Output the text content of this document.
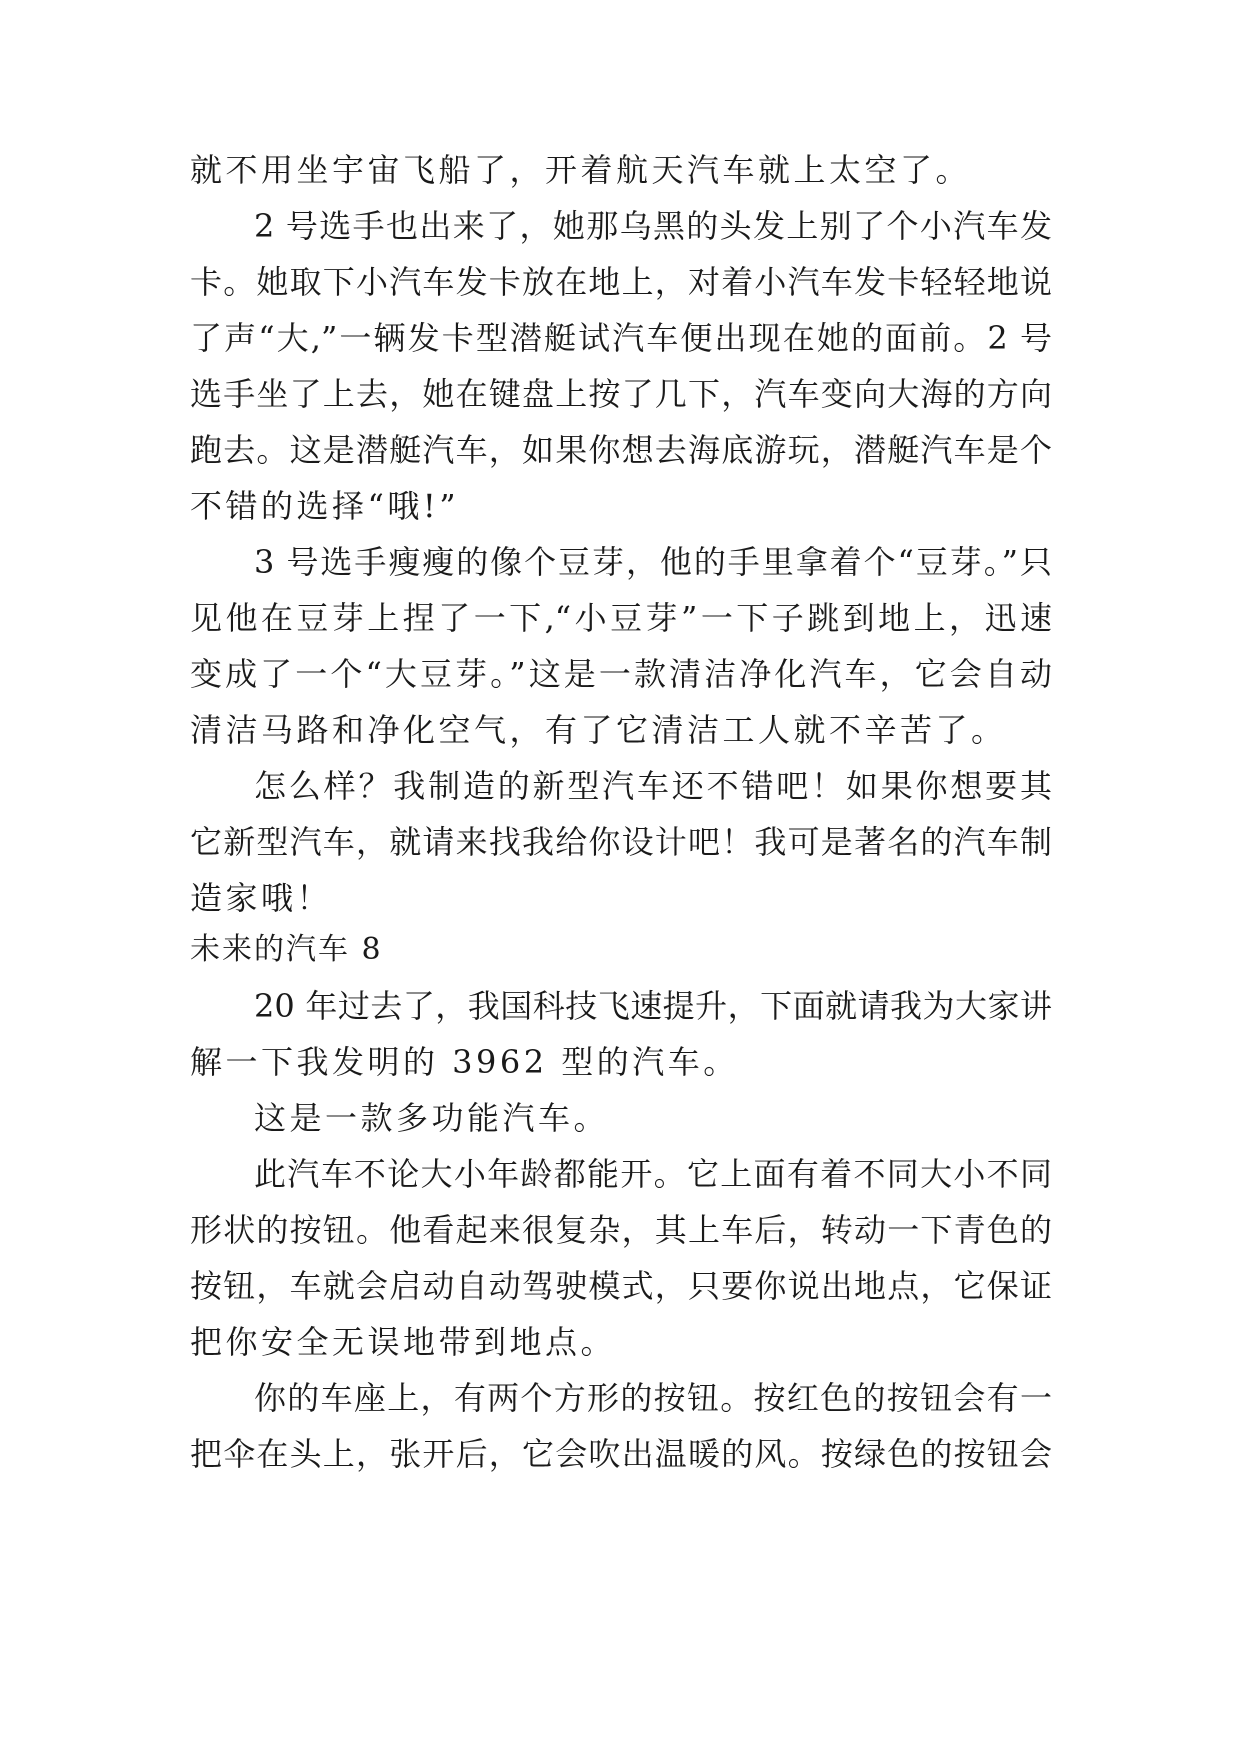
就不用坐宇宙飞船了，开着航天汽车就上太空了。
2 号选手也出来了，她那乌黑的头发上别了个小汽车发
卡。她取下小汽车发卡放在地上，对着小汽车发卡轻轻地说
了声“大,”一辆发卡型潜艇试汽车便出现在她的面前。2 号
选手坐了上去，她在键盘上按了几下，汽车变向大海的方向
跑去。这是潜艇汽车，如果你想去海底游玩，潜艇汽车是个
不错的选择“哦!”
3 号选手瘦瘦的像个豆芽，他的手里拿着个“豆芽。”只
见他在豆芽上捏了一下,“小豆芽”一下子跳到地上，迅速
变成了一个“大豆芽。”这是一款清洁净化汽车，它会自动
清洁马路和净化空气，有了它清洁工人就不辛苦了。
怎么样？我制造的新型汽车还不错吧！如果你想要其
它新型汽车，就请来找我给你设计吧！我可是著名的汽车制
造家哦！
未来的汽车 8
20 年过去了，我国科技飞速提升，下面就请我为大家讲
解一下我发明的 3962 型的汽车。
这是一款多功能汽车。
此汽车不论大小年龄都能开。它上面有着不同大小不同
形状的按钮。他看起来很复杂，其上车后，转动一下青色的
按钮，车就会启动自动驾驶模式，只要你说出地点，它保证
把你安全无误地带到地点。
你的车座上，有两个方形的按钮。按红色的按钮会有一
把伞在头上，张开后，它会吹出温暖的风。按绿色的按钮会
